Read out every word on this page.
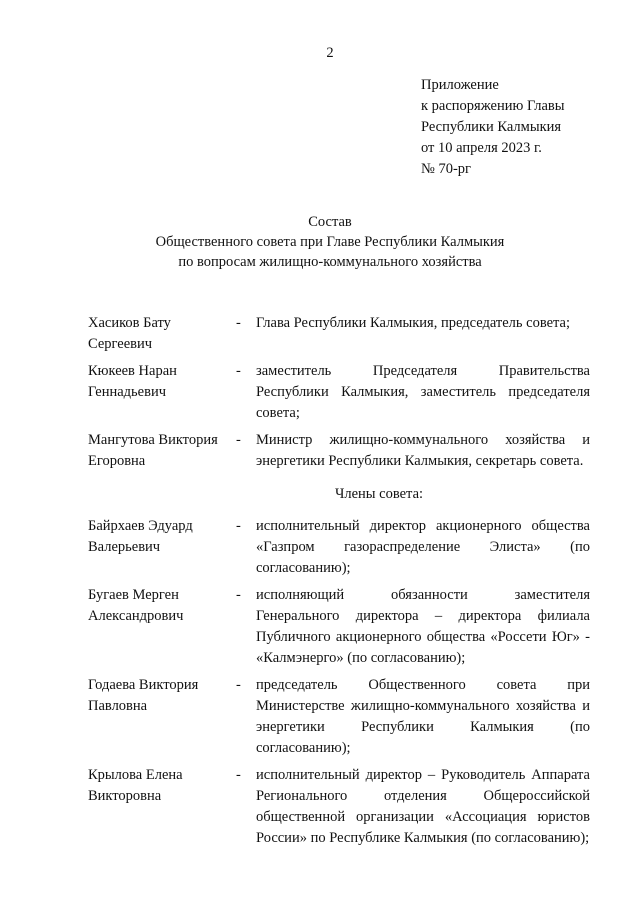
2
Приложение
к распоряжению Главы
Республики Калмыкия
от 10 апреля 2023 г.
№ 70-рг
Состав
Общественного совета при Главе Республики Калмыкия
по вопросам жилищно-коммунального хозяйства
Хасиков Бату Сергеевич
-	Глава Республики Калмыкия, председатель совета;
Кюкеев Наран Геннадьевич
-	заместитель Председателя Правительства Республики Калмыкия, заместитель председателя совета;
Мангутова Виктория Егоровна
-	Министр жилищно-коммунального хозяйства и энергетики Республики Калмыкия, секретарь совета.
Члены совета:
Байрхаев Эдуард Валерьевич
-	исполнительный директор акционерного общества «Газпром газораспределение Элиста» (по согласованию);
Бугаев Мерген Александрович
-	исполняющий обязанности заместителя Генерального директора – директора филиала Публичного акционерного общества «Россети Юг» - «Калмэнерго» (по согласованию);
Годаева Виктория Павловна
-	председатель Общественного совета при Министерстве жилищно-коммунального хозяйства и энергетики Республики Калмыкия (по согласованию);
Крылова Елена Викторовна
-	исполнительный директор – Руководитель Аппарата Регионального отделения Общероссийской общественной организации «Ассоциация юристов России» по Республике Калмыкия (по согласованию);
